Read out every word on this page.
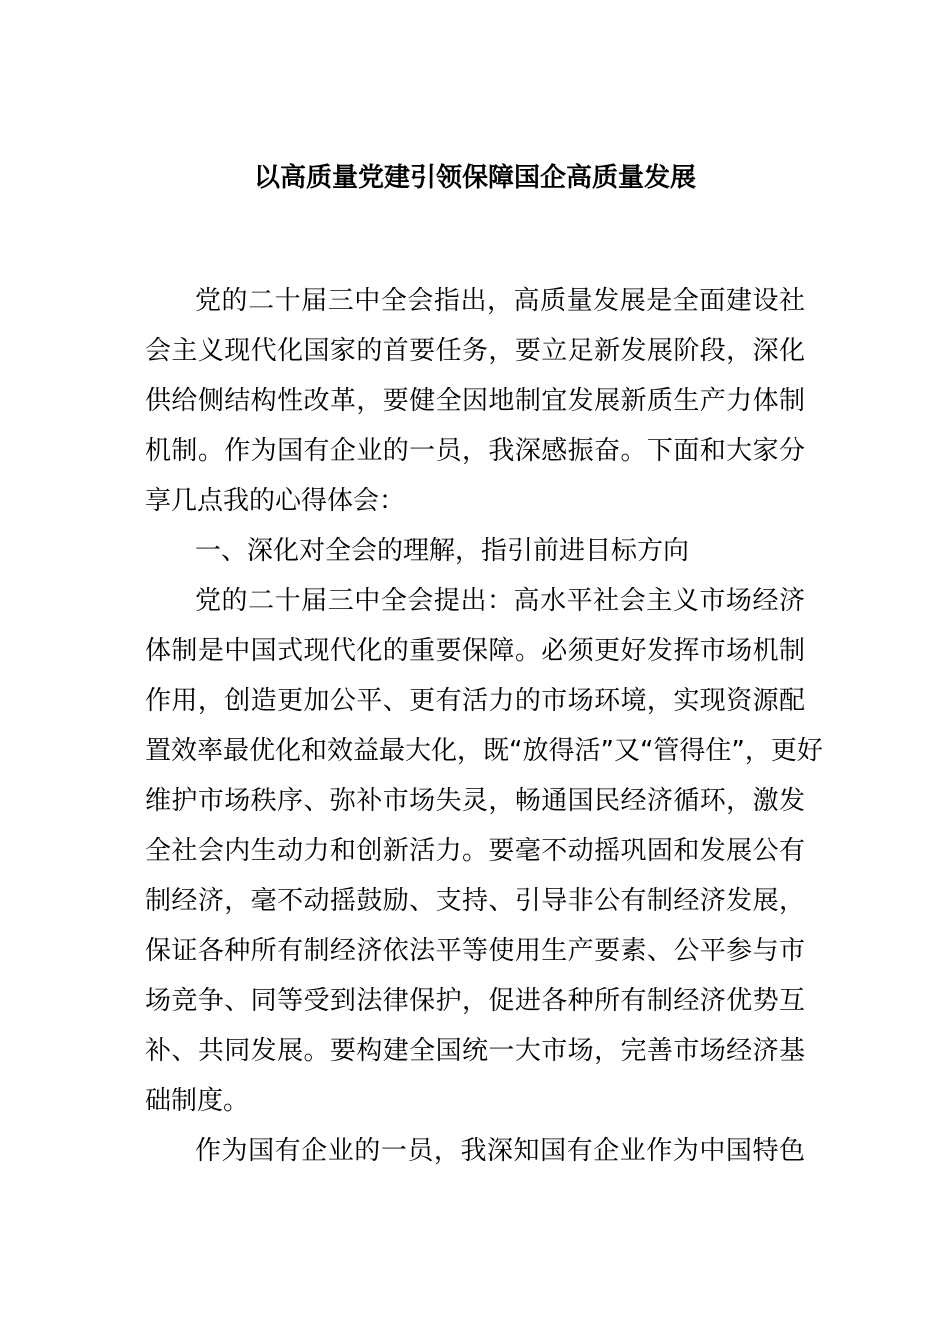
以高质量党建引领保障国企高质量发展
党的二十届三中全会指出，高质量发展是全面建设社
会主义现代化国家的首要任务，要立足新发展阶段，深化
供给侧结构性改革，要健全因地制宜发展新质生产力体制
机制。作为国有企业的一员，我深感振奋。下面和大家分
享几点我的心得体会：
一、深化对全会的理解，指引前进目标方向
党的二十届三中全会提出：高水平社会主义市场经济
体制是中国式现代化的重要保障。必须更好发挥市场机制
作用，创造更加公平、更有活力的市场环境，实现资源配
置效率最优化和效益最大化，既“放得活”又“管得住”，更好
维护市场秩序、弥补市场失灵，畅通国民经济循环，激发
全社会内生动力和创新活力。要毫不动摇巩固和发展公有
制经济，毫不动摇鼓励、支持、引导非公有制经济发展，
保证各种所有制经济依法平等使用生产要素、公平参与市
场竞争、同等受到法律保护，促进各种所有制经济优势互
补、共同发展。要构建全国统一大市场，完善市场经济基
础制度。
作为国有企业的一员，我深知国有企业作为中国特色
